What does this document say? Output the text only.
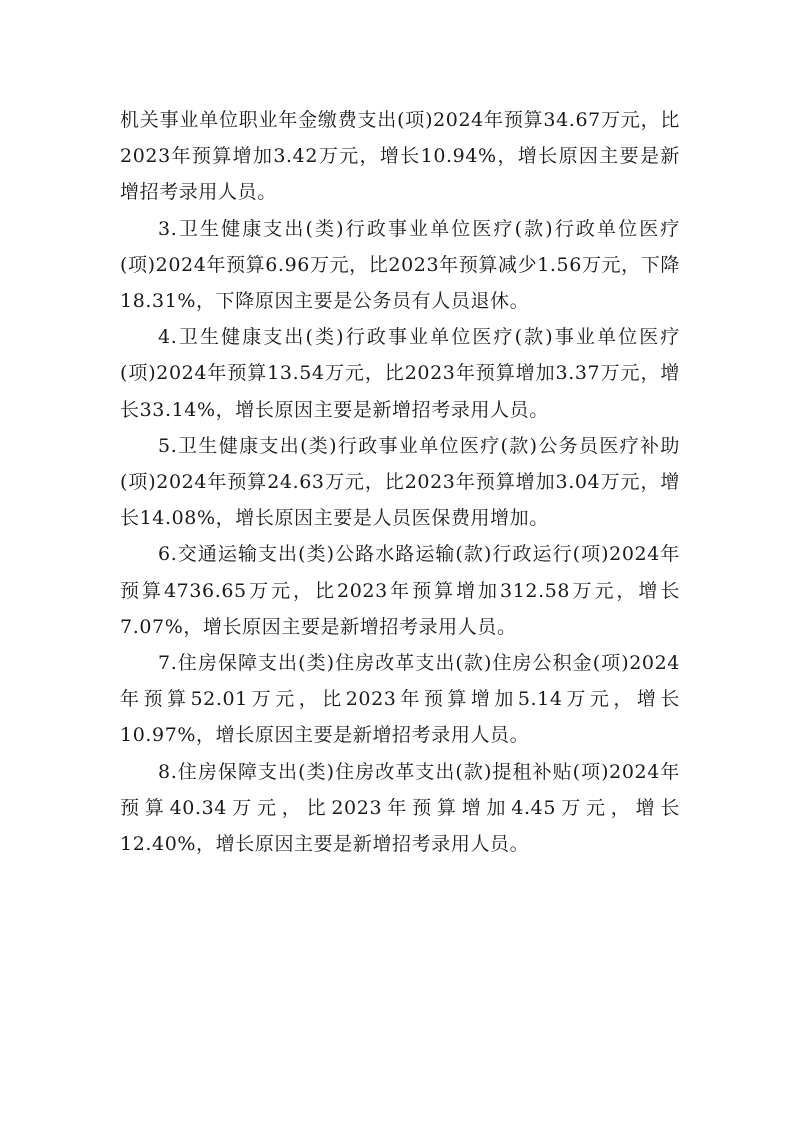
机关事业单位职业年金缴费支出(项)2024年预算34.67万元，比2023年预算增加3.42万元，增长10.94%，增长原因主要是新增招考录用人员。

3.卫生健康支出(类)行政事业单位医疗(款)行政单位医疗(项)2024年预算6.96万元，比2023年预算减少1.56万元，下降18.31%，下降原因主要是公务员有人员退休。

4.卫生健康支出(类)行政事业单位医疗(款)事业单位医疗(项)2024年预算13.54万元，比2023年预算增加3.37万元，增长33.14%，增长原因主要是新增招考录用人员。

5.卫生健康支出(类)行政事业单位医疗(款)公务员医疗补助(项)2024年预算24.63万元，比2023年预算增加3.04万元，增长14.08%，增长原因主要是人员医保费用增加。

6.交通运输支出(类)公路水路运输(款)行政运行(项)2024年预算4736.65万元，比2023年预算增加312.58万元，增长7.07%，增长原因主要是新增招考录用人员。

7.住房保障支出(类)住房改革支出(款)住房公积金(项)2024年预算52.01万元，比2023年预算增加5.14万元，增长10.97%，增长原因主要是新增招考录用人员。

8.住房保障支出(类)住房改革支出(款)提租补贴(项)2024年预算40.34万元，比2023年预算增加4.45万元，增长12.40%，增长原因主要是新增招考录用人员。
